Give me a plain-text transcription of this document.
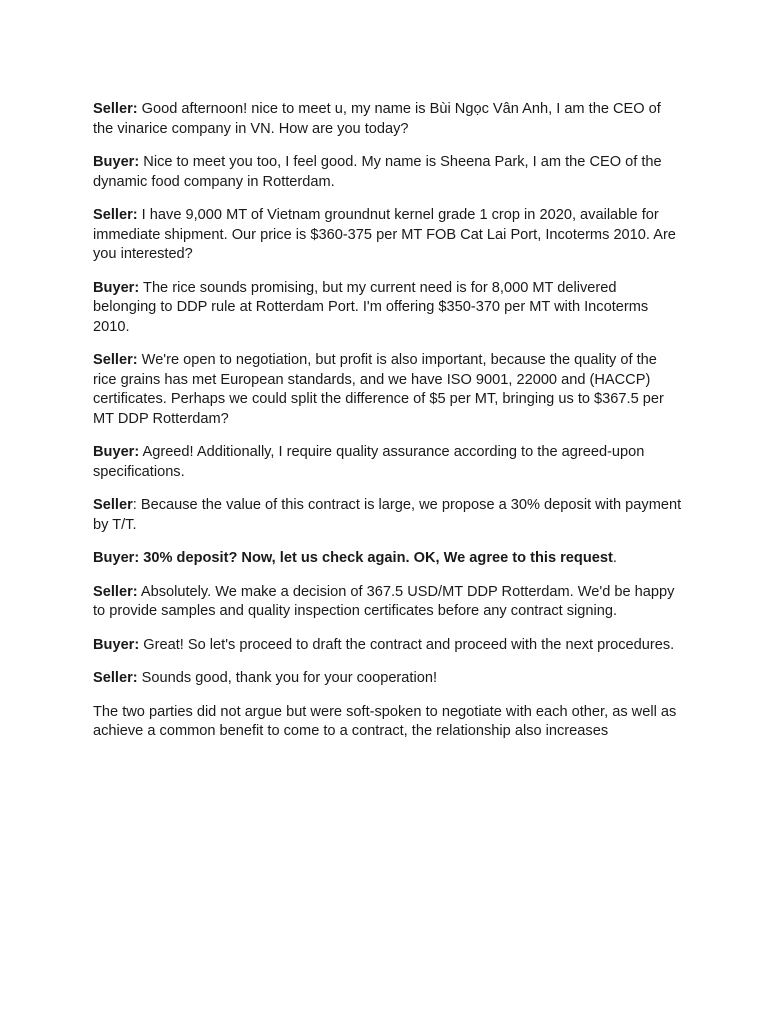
Seller: Good afternoon! nice to meet u, my name is Bùi Ngọc Vân Anh, I am the CEO of the vinarice company in VN. How are you today?

Buyer: Nice to meet you too, I feel good. My name is Sheena Park, I am the CEO of the dynamic food company in Rotterdam.

Seller: I have 9,000 MT of Vietnam groundnut kernel grade 1 crop in 2020, available for immediate shipment. Our price is $360-375 per MT FOB Cat Lai Port, Incoterms 2010. Are you interested?

Buyer: The rice sounds promising, but my current need is for 8,000 MT delivered belonging to DDP rule at Rotterdam Port. I'm offering $350-370 per MT with Incoterms 2010.

Seller: We're open to negotiation, but profit is also important, because the quality of the rice grains has met European standards, and we have ISO 9001, 22000 and (HACCP) certificates. Perhaps we could split the difference of $5 per MT, bringing us to $367.5 per MT DDP Rotterdam?

Buyer: Agreed! Additionally, I require quality assurance according to the agreed-upon specifications.

Seller: Because the value of this contract is large, we propose a 30% deposit with payment by T/T.

Buyer: 30% deposit? Now, let us check again. OK, We agree to this request.

Seller: Absolutely. We make a decision of 367.5 USD/MT DDP Rotterdam. We'd be happy to provide samples and quality inspection certificates before any contract signing.

Buyer: Great! So let's proceed to draft the contract and proceed with the next procedures.

Seller: Sounds good, thank you for your cooperation!

The two parties did not argue but were soft-spoken to negotiate with each other, as well as achieve a common benefit to come to a contract, the relationship also increases
